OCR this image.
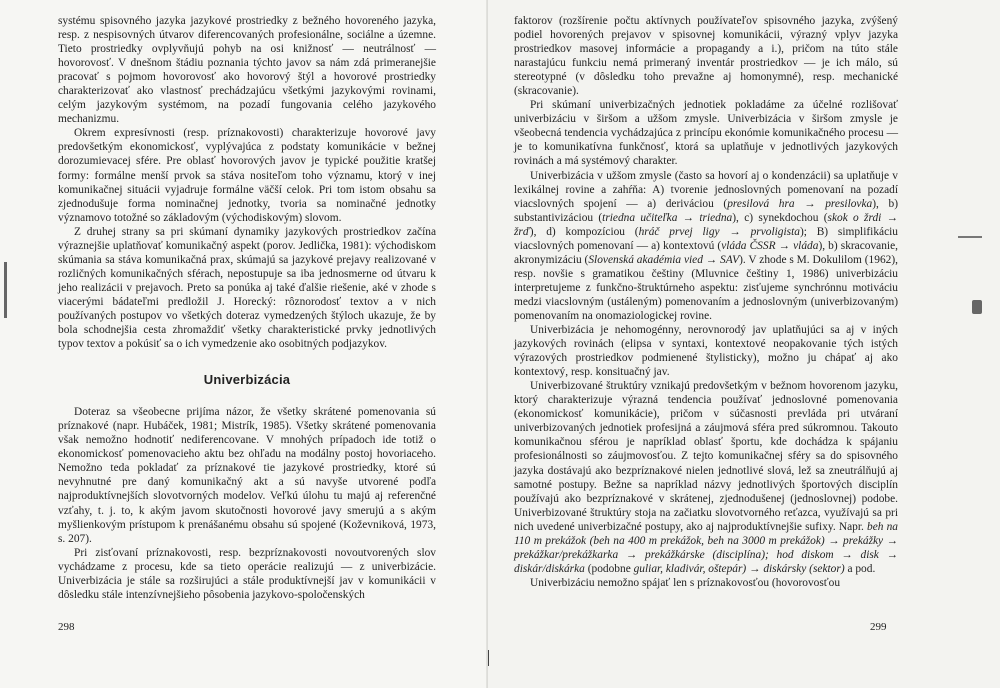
systému spisovného jazyka jazykové prostriedky z bežného hovoreného jazyka, resp. z nespisovných útvarov diferencovaných profesionálne, sociálne a územne. Tieto prostriedky ovplyvňujú pohyb na osi knižnosť — neutrálnosť — hovorovosť. V dnešnom štádiu poznania týchto javov sa nám zdá primeranejšie pracovať s pojmom hovorovosť ako hovorový štýl a hovorové prostriedky charakterizovať ako vlastnosť prechádzajúcu všetkými jazykovými rovinami, celým jazykovým systémom, na pozadí fungovania celého jazykového mechanizmu.

Okrem expresívnosti (resp. príznakovosti) charakterizuje hovorové javy predovšetkým ekonomickosť, vyplývajúca z podstaty komunikácie v bežnej dorozumievacej sfére. Pre oblasť hovorových javov je typické použitie kratšej formy: formálne menší prvok sa stáva nositeľom toho významu, ktorý v inej komunikačnej situácii vyjadruje formálne väčší celok. Pri tom istom obsahu sa zjednodušuje forma nominačnej jednotky, tvoria sa nominačné jednotky významovo totožné so základovým (východiskovým) slovom.

Z druhej strany sa pri skúmaní dynamiky jazykových prostriedkov začína výraznejšie uplatňovať komunikačný aspekt (porov. Jedlička, 1981): východiskom skúmania sa stáva komunikačná prax, skúmajú sa jazykové prejavy realizované v rozličných komunikačných sférach, nepostupuje sa iba jednosmerne od útvaru k jeho realizácii v prejavoch. Preto sa ponúka aj také ďalšie riešenie, aké v zhode s viacerými bádateľmi predložil J. Horecký: rôznorodosť textov a v nich používaných postupov vo všetkých doteraz vymedzených štýloch ukazuje, že by bola schodnejšia cesta zhromaždiť všetky charakteristické prvky jednotlivých typov textov a pokúsiť sa o ich vymedzenie ako osobitných podjazykov.

Univerbizácia

Doteraz sa všeobecne prijíma názor, že všetky skrátené pomenovania sú príznakové (napr. Hubáček, 1981; Mistrík, 1985). Všetky skrátené pomenovania však nemožno hodnotiť nediferencovane. V mnohých prípadoch ide totiž o ekonomickosť pomenovacieho aktu bez ohľadu na modálny postoj hovoriaceho. Nemožno teda pokladať za príznakové tie jazykové prostriedky, ktoré sú nevyhnutné pre daný komunikačný akt a sú navyše utvorené podľa najproduktívnejších slovotvorných modelov. Veľkú úlohu tu majú aj referenčné vzťahy, t. j. to, k akým javom skutočnosti hovorové javy smerujú a s akým myšlienkovým prístupom k prenášanému obsahu sú spojené (Koževniková, 1973, s. 207).

Pri zisťovaní príznakovosti, resp. bezpríznakovosti novoutvorených slov vychádzame z procesu, kde sa tieto operácie realizujú — z univerbizácie. Univerbizácia je stále sa rozširujúci a stále produktívnejší jav v komunikácii v dôsledku stále intenzívnejšieho pôsobenia jazykovo-spoločenských

298

faktorov (rozšírenie počtu aktívnych používateľov spisovného jazyka, zvýšený podiel hovorených prejavov v spisovnej komunikácii, výrazný vplyv jazyka prostriedkov masovej informácie a propagandy a i.), pričom na túto stále narastajúcu funkciu nemá primeraný inventár prostriedkov — je ich málo, sú stereotypné (v dôsledku toho prevažne aj homonymné), resp. mechanické (skracovanie).

Pri skúmaní univerbizačných jednotiek pokladáme za účelné rozlišovať univerbizáciu v širšom a užšom zmysle. Univerbizácia v širšom zmysle je všeobecná tendencia vychádzajúca z princípu ekonómie komunikačného procesu — je to komunikatívna funkčnosť, ktorá sa uplatňuje v jednotlivých jazykových rovinách a má systémový charakter.

Univerbizácia v užšom zmysle (často sa hovorí aj o kondenzácii) sa uplatňuje v lexikálnej rovine a zahŕňa: A) tvorenie jednoslovných pomenovaní na pozadí viacslovných spojení — a) deriváciou (presilová hra → presilovka), b) substantivizáciou (triedna učiteľka → triedna), c) synekdochou (skok o žrdi → žrď), d) kompozíciou (hráč prvej ligy → prvoligista); B) simplifikáciu viacslovných pomenovaní — a) kontextovú (vláda ČSSR → vláda), b) skracovanie, akronymizáciu (Slovenská akadémia vied → SAV). V zhode s M. Dokulilom (1962), resp. novšie s gramatikou češtiny (Mluvnice češtiny 1, 1986) univerbizáciu interpretujeme z funkčno-štruktúrneho aspektu: zisťujeme synchrónnu motiváciu medzi viacslovným (ustáleným) pomenovaním a jednoslovným (univerbizovaným) pomenovaním na onomaziologickej rovine.

Univerbizácia je nehomogénny, nerovnorodý jav uplatňujúci sa aj v iných jazykových rovinách (elipsa v syntaxi, kontextové neopakovanie tých istých výrazových prostriedkov podmienené štylisticky), možno ju chápať aj ako kontextový, resp. konsituačný jav.

Univerbizované štruktúry vznikajú predovšetkým v bežnom hovorenom jazyku, ktorý charakterizuje výrazná tendencia používať jednoslovné pomenovania (ekonomickosť komunikácie), pričom v súčasnosti prevláda pri utváraní univerbizovaných jednotiek profesijná a záujmová sféra pred súkromnou. Takouto komunikačnou sférou je napríklad oblasť športu, kde dochádza k spájaniu profesionálnosti so záujmovosťou. Z tejto komunikačnej sféry sa do spisovného jazyka dostávajú ako bezpríznakové nielen jednotlivé slová, lež sa zneutrálňujú aj samotné postupy. Bežne sa napríklad názvy jednotlivých športových disciplín používajú ako bezpríznakové v skrátenej, zjednodušenej (jednoslovnej) podobe. Univerbizované štruktúry stoja na začiatku slovotvorného reťazca, využívajú sa pri nich uvedené univerbizačné postupy, ako aj najproduktívnejšie sufixy. Napr. beh na 110 m prekážok (beh na 400 m prekážok, beh na 3000 m prekážok) → prekážky → prekážkar/prekážkarka → prekážkárske (disciplína); hod diskom → disk → diskár/diskárka (podobne guliar, kladivár, oštepár) → diskársky (sektor) a pod.

Univerbizáciu nemožno spájať len s príznakovosťou (hovorovosťou

299
